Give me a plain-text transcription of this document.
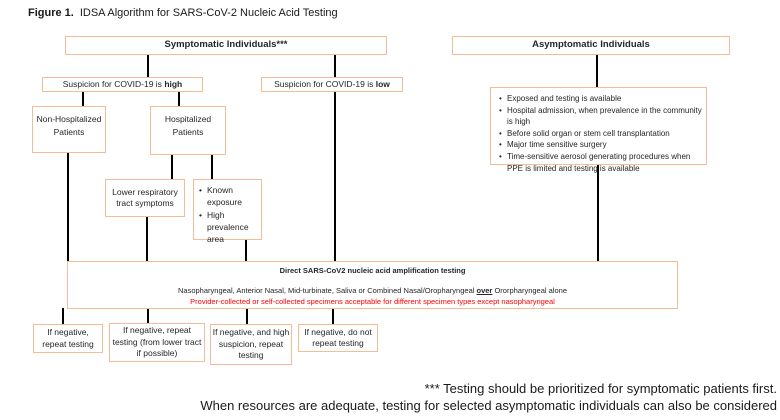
Figure 1. IDSA Algorithm for SARS-CoV-2 Nucleic Acid Testing
Symptomatic Individuals***	Asymptomatic Individuals
Suspicion for COVID-19 is high	Suspicion for COVID-19 is low
Non-Hospitalized Patients
Hospitalized Patients
Lower respiratory tract symptoms
• Known exposure
• High prevalence area
• Exposed and testing is available
• Hospital admission, when prevalence in the community is high
• Before solid organ or stem cell transplantation
• Major time sensitive surgery
• Time-sensitive aerosol generating procedures when PPE is limited and testing is available
Direct SARS-CoV2 nucleic acid amplification testing
Nasopharyngeal, Anterior Nasal, Mid-turbinate, Saliva or Combined Nasal/Oropharyngeal over Ororpharyngeal alone
Provider-collected or self-collected specimens acceptable for different specimen types except nasopharyngeal
If negative, repeat testing
If negative, repeat testing (from lower tract if possible)
If negative, and high suspicion, repeat testing
If negative, do not repeat testing
*** Testing should be prioritized for symptomatic patients first.
When resources are adequate, testing for selected asymptomatic individuals can also be considered
